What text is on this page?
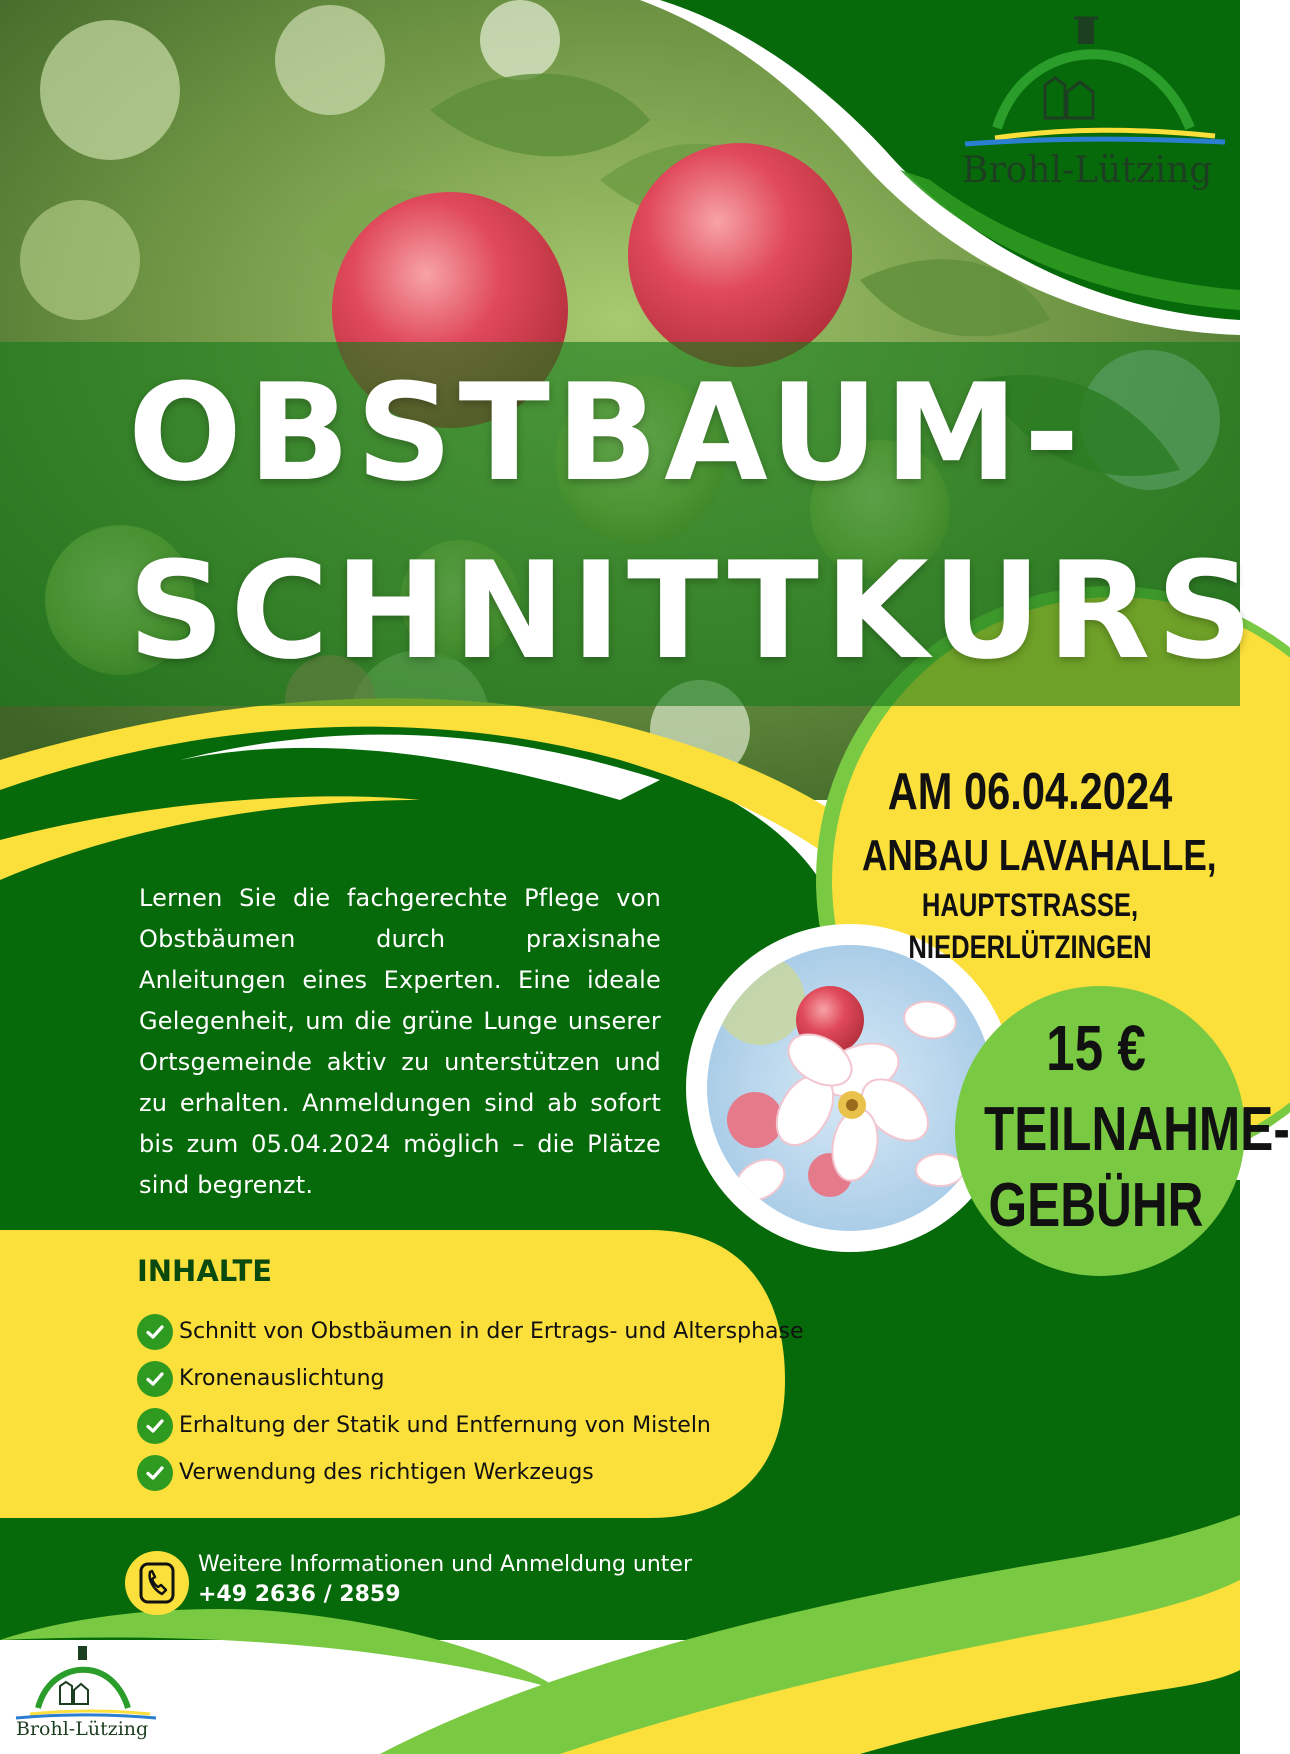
Brohl-Lützing
OBSTBAUM-
SCHNITTKURS

Lernen Sie die fachgerechte Pflege von Obstbäumen durch praxisnahe Anleitungen eines Experten. Eine ideale Gelegenheit, um die grüne Lunge unserer Ortsgemeinde aktiv zu unterstützen und zu erhalten. Anmeldungen sind ab sofort bis zum 05.04.2024 möglich – die Plätze sind begrenzt.

AM 06.04.2024
ANBAU LAVAHALLE,
HAUPTSTRASSE,
NIEDERLÜTZINGEN
15 €
TEILNAHME-
GEBÜHR
INHALTE
Schnitt von Obstbäumen in der Ertrags- und Altersphase
Kronenauslichtung
Erhaltung der Statik und Entfernung von Misteln
Verwendung des richtigen Werkzeugs
Weitere Informationen und Anmeldung unter
+49 2636 / 2859
Brohl-Lützing
